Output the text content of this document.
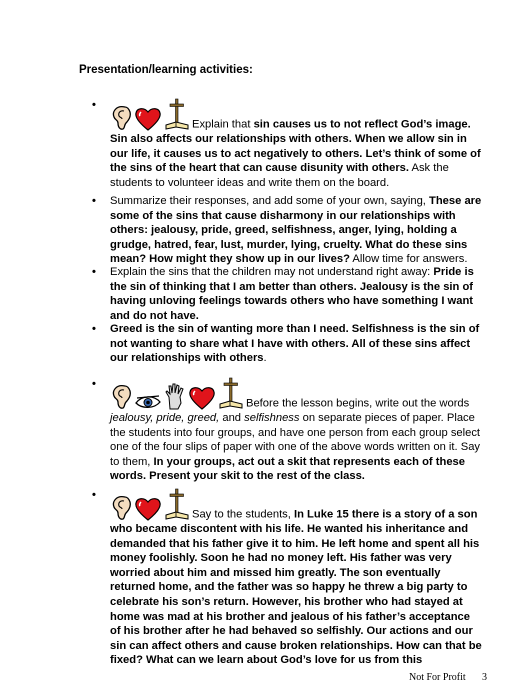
Presentation/learning activities:
•
Explain that sin causes us to not reflect God’s image. Sin also affects our relationships with others. When we allow sin in our life, it causes us to act negatively to others. Let’s think of some of the sins of the heart that can cause disunity with others. Ask the students to volunteer ideas and write them on the board.
•	Summarize their responses, and add some of your own, saying, These are some of the sins that cause disharmony in our relationships with others: jealousy, pride, greed, selfishness, anger, lying, holding a grudge, hatred, fear, lust, murder, lying, cruelty. What do these sins mean? How might they show up in our lives? Allow time for answers.
•	Explain the sins that the children may not understand right away: Pride is the sin of thinking that I am better than others. Jealousy is the sin of having unloving feelings towards others who have something I want and do not have.
•	Greed is the sin of wanting more than I need. Selfishness is the sin of not wanting to share what I have with others. All of these sins affect our relationships with others.
•
Before the lesson begins, write out the words jealousy, pride, greed, and selfishness on separate pieces of paper. Place the students into four groups, and have one person from each group select one of the four slips of paper with one of the above words written on it. Say to them, In your groups, act out a skit that represents each of these words. Present your skit to the rest of the class.
•
Say to the students, In Luke 15 there is a story of a son who became discontent with his life. He wanted his inheritance and demanded that his father give it to him. He left home and spent all his money foolishly. Soon he had no money left. His father was very worried about him and missed him greatly. The son eventually returned home, and the father was so happy he threw a big party to celebrate his son’s return. However, his brother who had stayed at home was mad at his brother and jealous of his father’s acceptance of his brother after he had behaved so selfishly. Our actions and our sin can affect others and cause broken relationships. How can that be fixed? What can we learn about God’s love for us from this
Not For Profit 3
